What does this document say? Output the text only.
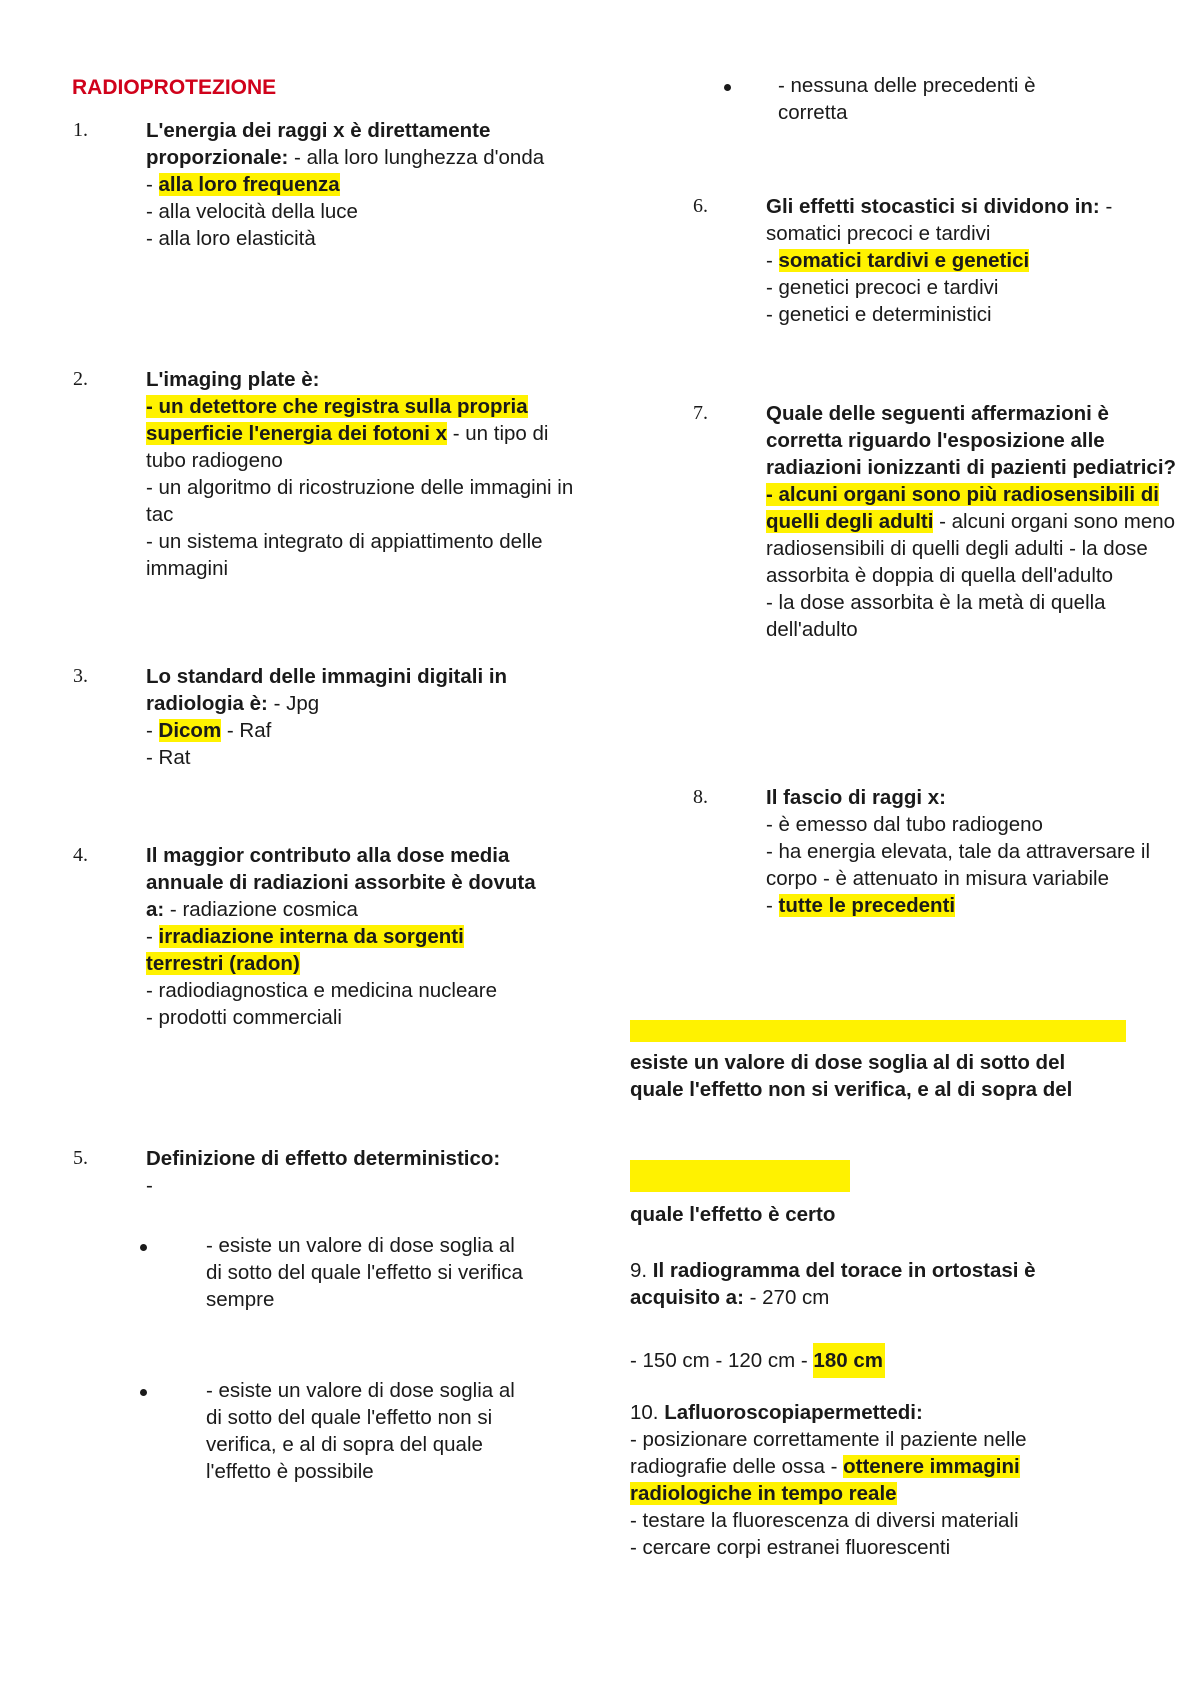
RADIOPROTEZIONE
1.	L'energia dei raggi x è direttamente proporzionale: - alla loro lunghezza d'onda
- alla loro frequenza
- alla velocità della luce
- alla loro elasticità
2.	L'imaging plate è:
- un detettore che registra sulla propria superficie l'energia dei fotoni x - un tipo di tubo radiogeno
- un algoritmo di ricostruzione delle immagini in tac
- un sistema integrato di appiattimento delle immagini
3.	Lo standard delle immagini digitali in radiologia è: - Jpg
- Dicom - Raf
- Rat
4.	Il maggior contributo alla dose media annuale di radiazioni assorbite è dovuta a: - radiazione cosmica
- irradiazione interna da sorgenti terrestri (radon)
- radiodiagnostica e medicina nucleare
- prodotti commerciali
5.	Definizione di effetto deterministico:
-
- esiste un valore di dose soglia al di sotto del quale l'effetto si verifica sempre
- esiste un valore di dose soglia al di sotto del quale l'effetto non si verifica, e al di sopra del quale l'effetto è possibile
- nessuna delle precedenti è corretta
6.	Gli effetti stocastici si dividono in: - somatici precoci e tardivi
- somatici tardivi e genetici
- genetici precoci e tardivi
- genetici e deterministici
7.	Quale delle seguenti affermazioni è corretta riguardo l'esposizione alle radiazioni ionizzanti di pazienti pediatrici?
- alcuni organi sono più radiosensibili di quelli degli adulti - alcuni organi sono meno radiosensibili di quelli degli adulti - la dose assorbita è doppia di quella dell'adulto
- la dose assorbita è la metà di quella dell'adulto
8.	Il fascio di raggi x:
- è emesso dal tubo radiogeno
- ha energia elevata, tale da attraversare il corpo - è attenuato in misura variabile
- tutte le precedenti
esiste un valore di dose soglia al di sotto del quale l'effetto non si verifica, e al di sopra del
quale l'effetto è certo
9. Il radiogramma del torace in ortostasi è acquisito a: - 270 cm
- 150 cm - 120 cm - 180 cm
10. Lafluoroscopiapermettedi:
- posizionare correttamente il paziente nelle radiografie delle ossa - ottenere immagini radiologiche in tempo reale
- testare la fluorescenza di diversi materiali
- cercare corpi estranei fluorescenti
